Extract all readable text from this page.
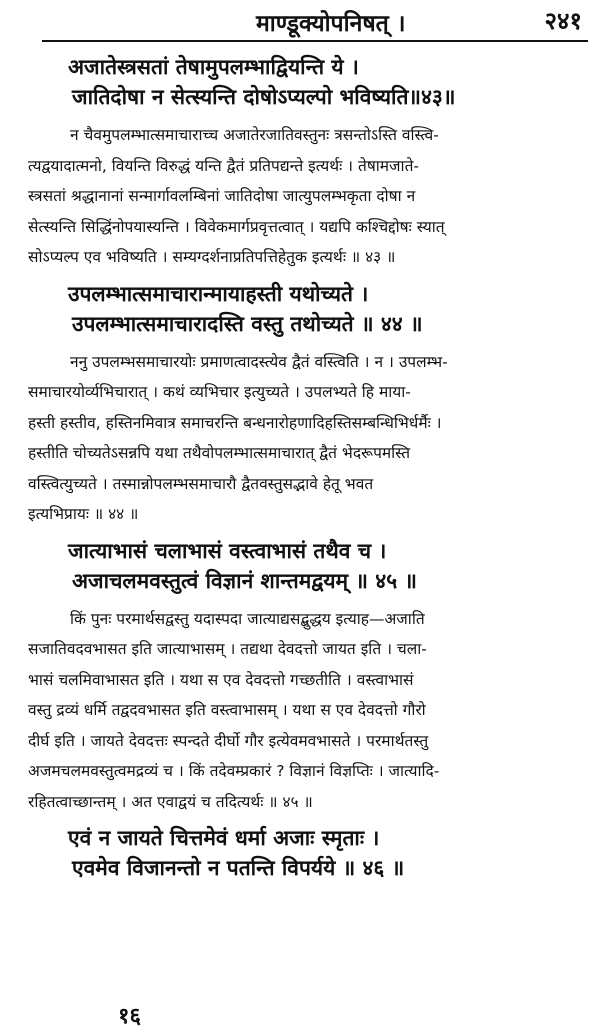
माण्डूक्योपनिषत् ।	२४१
अजातेस्त्रसतां तेषामुपलम्भाद्वियन्ति ये ।
जातिदोषा न सेत्स्यन्ति दोषोऽप्यल्पो भविष्यति॥४३॥
न चैवमुपलम्भात्समाचाराच्च अजातेरजातिवस्तुनः त्रसन्तोऽस्ति वस्त्वि-
त्यद्वयादात्मनो, वियन्ति विरुद्धं यन्ति द्वैतं प्रतिपद्यन्ते इत्यर्थः । तेषामजाते-
स्त्रसतां श्रद्धानानां सन्मार्गावलम्बिनां जातिदोषा जात्युपलम्भकृता दोषा न
सेत्स्यन्ति सिद्धिंनोपयास्यन्ति । विवेकमार्गप्रवृत्तत्वात् । यद्यपि कश्चिद्दोषः स्यात्
सोऽप्यल्प एव भविष्यति । सम्यग्दर्शनाप्रतिपत्तिहेतुक इत्यर्थः ॥ ४३ ॥
उपलम्भात्समाचारान्मायाहस्ती यथोच्यते ।
उपलम्भात्समाचारादस्ति वस्तु तथोच्यते ॥ ४४ ॥
ननु उपलम्भसमाचारयोः प्रमाणत्वादस्त्येव द्वैतं वस्त्विति । न । उपलम्भ-
समाचारयोर्व्यभिचारात् । कथं व्यभिचार इत्युच्यते । उपलभ्यते हि माया-
हस्ती हस्तीव, हस्तिनमिवात्र समाचरन्ति बन्धनारोहणादिहस्तिसम्बन्धिभिर्धर्मैः ।
हस्तीति चोच्यतेऽसन्नपि यथा तथैवोपलम्भात्समाचारात् द्वैतं भेदरूपमस्ति
वस्त्वित्युच्यते । तस्मान्नोपलम्भसमाचारौ द्वैतवस्तुसद्भावे हेतू भवत
इत्यभिप्रायः ॥ ४४ ॥
जात्याभासं चलाभासं वस्त्वाभासं तथैव च ।
अजाचलमवस्तुत्वं विज्ञानं शान्तमद्वयम् ॥ ४५ ॥
किं पुनः परमार्थसद्वस्तु यदास्पदा जात्याद्यसद्बुद्धय इत्याह—अजाति
सजातिवदवभासत इति जात्याभासम् । तद्यथा देवदत्तो जायत इति । चला-
भासं चलमिवाभासत इति । यथा स एव देवदत्तो गच्छतीति । वस्त्वाभासं
वस्तु द्रव्यं धर्मि तद्वदवभासत इति वस्त्वाभासम् । यथा स एव देवदत्तो गौरो
दीर्घ इति । जायते देवदत्तः स्पन्दते दीर्घो गौर इत्येवमवभासते । परमार्थतस्तु
अजमचलमवस्तुत्वमद्रव्यं च । किं तदेवम्प्रकारं ? विज्ञानं विज्ञप्तिः । जात्यादि-
रहितत्वाच्छान्तम् । अत एवाद्वयं च तदित्यर्थः ॥ ४५ ॥
एवं न जायते चित्तमेवं धर्मा अजाः स्मृताः ।
एवमेव विजानन्तो न पतन्ति विपर्यये ॥ ४६ ॥
१६
